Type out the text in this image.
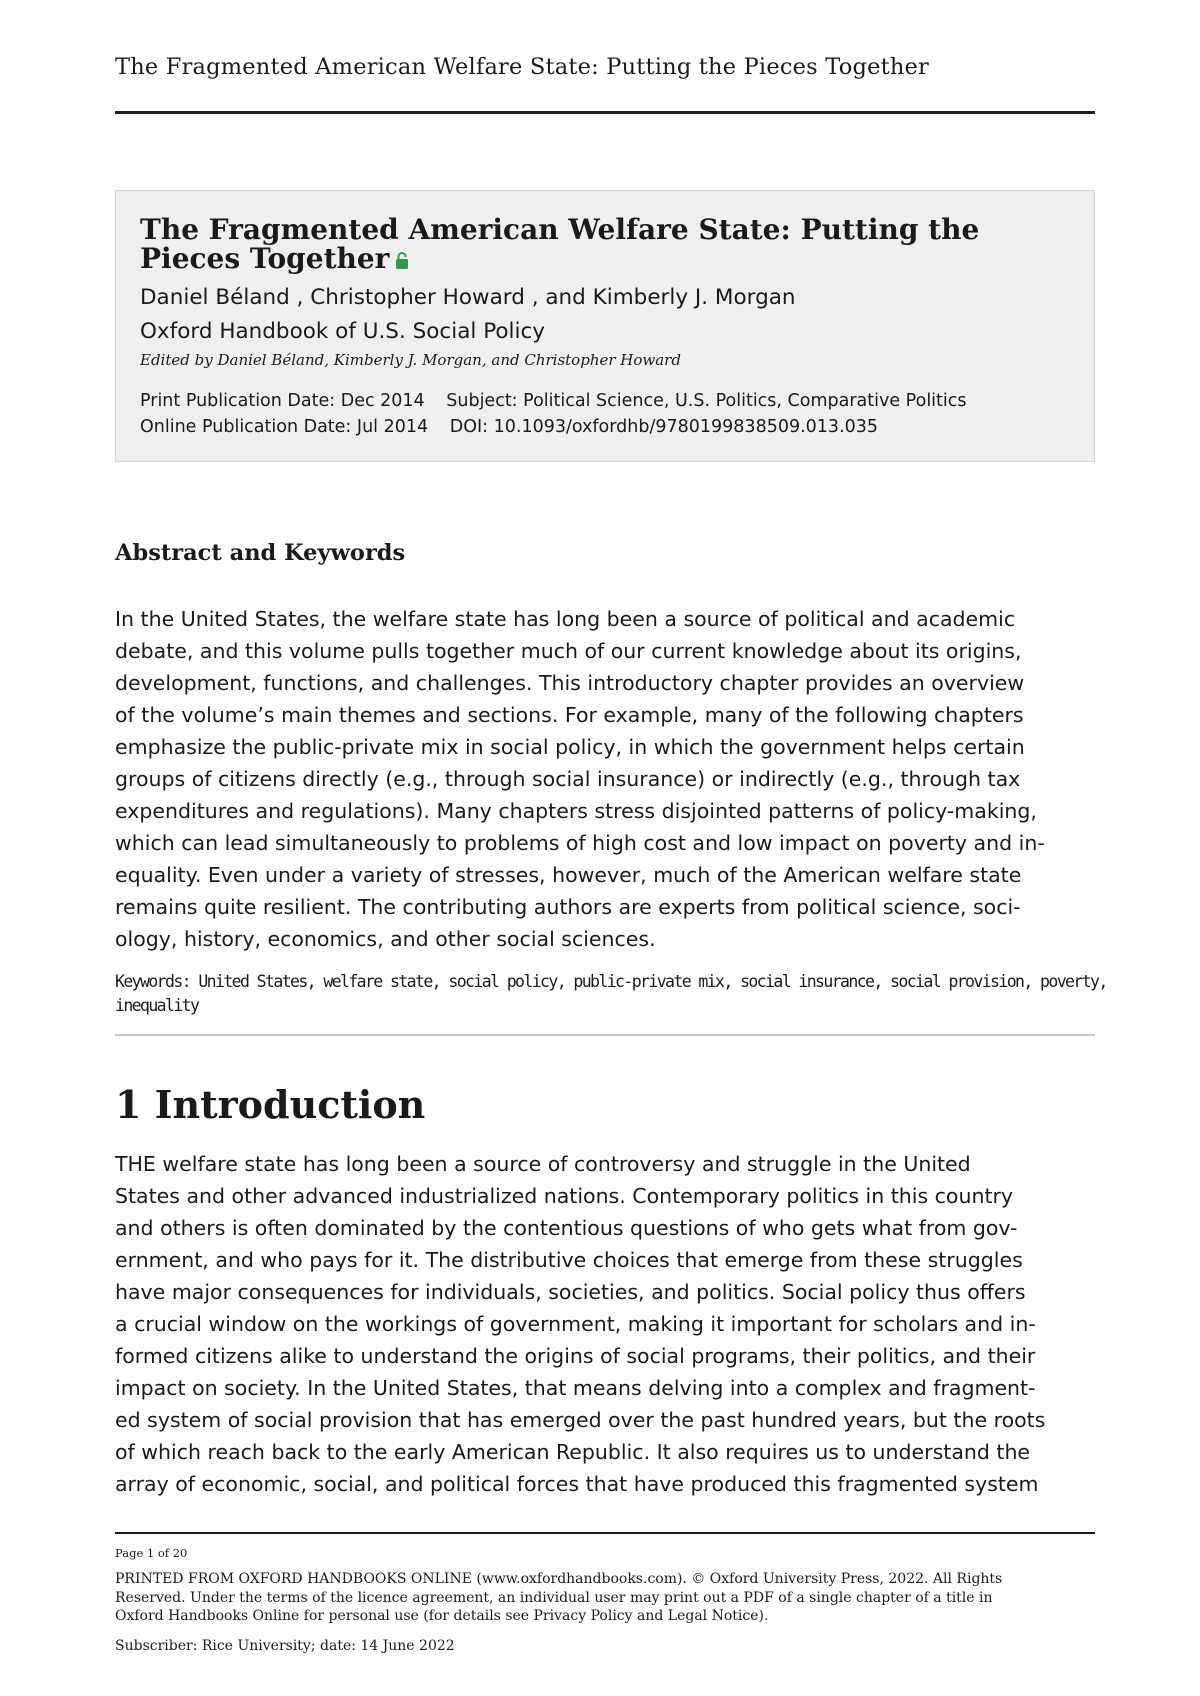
The Fragmented American Welfare State: Putting the Pieces Together
The Fragmented American Welfare State: Putting the
Pieces Together
Daniel Béland , Christopher Howard , and Kimberly J. Morgan
Oxford Handbook of U.S. Social Policy
Edited by Daniel Béland, Kimberly J. Morgan, and Christopher Howard
Print Publication Date: Dec 2014 Subject: Political Science, U.S. Politics, Comparative Politics
Online Publication Date: Jul 2014 DOI: 10.1093/oxfordhb/9780199838509.013.035
Abstract and Keywords
In the United States, the welfare state has long been a source of political and academic
debate, and this volume pulls together much of our current knowledge about its origins,
development, functions, and challenges. This introductory chapter provides an overview
of the volume’s main themes and sections. For example, many of the following chapters
emphasize the public-private mix in social policy, in which the government helps certain
groups of citizens directly (e.g., through social insurance) or indirectly (e.g., through tax
expenditures and regulations). Many chapters stress disjointed patterns of policy-making,
which can lead simultaneously to problems of high cost and low impact on poverty and in-
equality. Even under a variety of stresses, however, much of the American welfare state
remains quite resilient. The contributing authors are experts from political science, soci-
ology, history, economics, and other social sciences.
Keywords: United States, welfare state, social policy, public-private mix, social insurance, social provision, poverty,
inequality
1 Introduction
THE welfare state has long been a source of controversy and struggle in the United
States and other advanced industrialized nations. Contemporary politics in this country
and others is often dominated by the contentious questions of who gets what from gov-
ernment, and who pays for it. The distributive choices that emerge from these struggles
have major consequences for individuals, societies, and politics. Social policy thus offers
a crucial window on the workings of government, making it important for scholars and in-
formed citizens alike to understand the origins of social programs, their politics, and their
impact on society. In the United States, that means delving into a complex and fragment-
ed system of social provision that has emerged over the past hundred years, but the roots
of which reach back to the early American Republic. It also requires us to understand the
array of economic, social, and political forces that have produced this fragmented system
Page 1 of 20
PRINTED FROM OXFORD HANDBOOKS ONLINE (www.oxfordhandbooks.com). © Oxford University Press, 2022. All Rights
Reserved. Under the terms of the licence agreement, an individual user may print out a PDF of a single chapter of a title in
Oxford Handbooks Online for personal use (for details see Privacy Policy and Legal Notice).
Subscriber: Rice University; date: 14 June 2022
